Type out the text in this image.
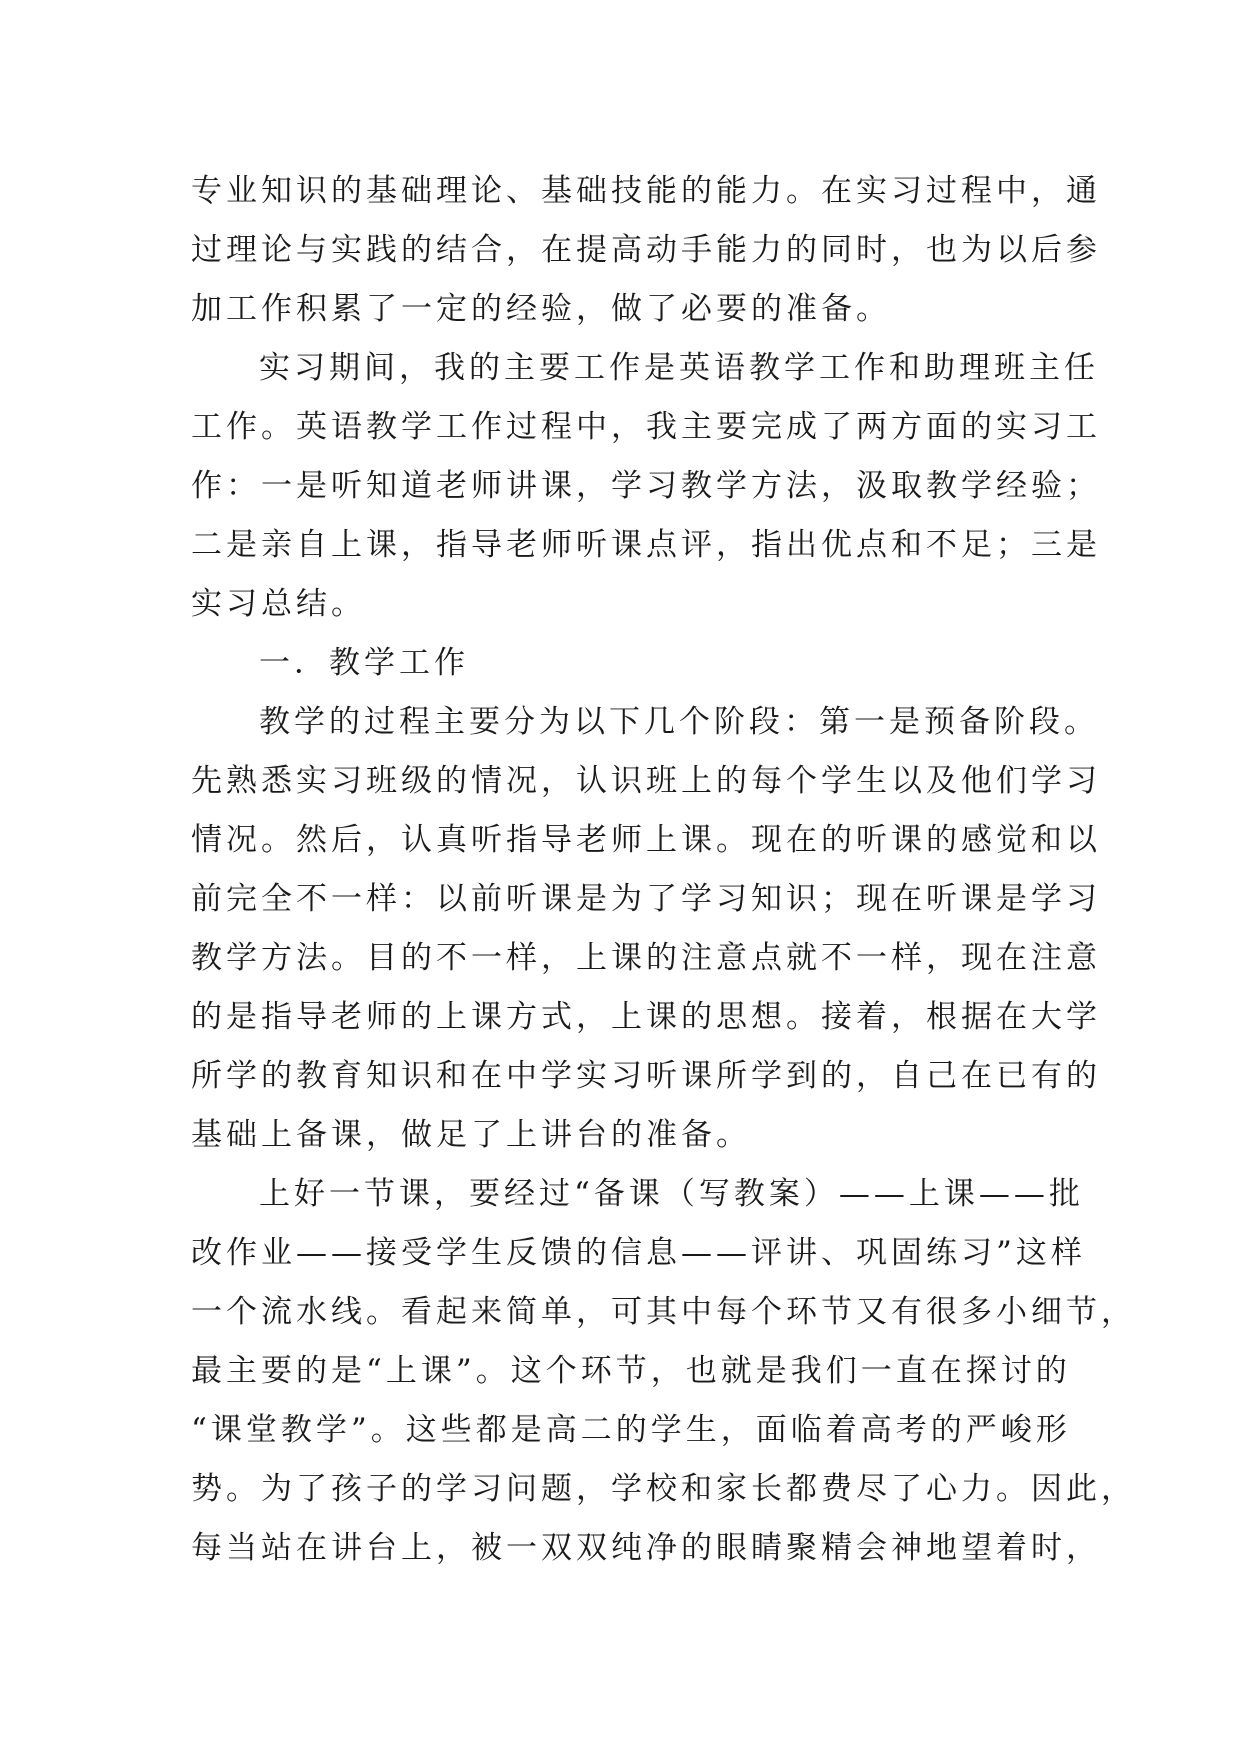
专业知识的基础理论、基础技能的能力。在实习过程中，通
过理论与实践的结合，在提高动手能力的同时，也为以后参
加工作积累了一定的经验，做了必要的准备。
实习期间，我的主要工作是英语教学工作和助理班主任
工作。英语教学工作过程中，我主要完成了两方面的实习工
作：一是听知道老师讲课，学习教学方法，汲取教学经验；
二是亲自上课，指导老师听课点评，指出优点和不足；三是
实习总结。
一．教学工作
教学的过程主要分为以下几个阶段：第一是预备阶段。
先熟悉实习班级的情况，认识班上的每个学生以及他们学习
情况。然后，认真听指导老师上课。现在的听课的感觉和以
前完全不一样：以前听课是为了学习知识；现在听课是学习
教学方法。目的不一样，上课的注意点就不一样，现在注意
的是指导老师的上课方式，上课的思想。接着，根据在大学
所学的教育知识和在中学实习听课所学到的，自己在已有的
基础上备课，做足了上讲台的准备。
上好一节课，要经过“备课（写教案）——上课——批
改作业——接受学生反馈的信息——评讲、巩固练习”这样
一个流水线。看起来简单，可其中每个环节又有很多小细节，
最主要的是“上课”。这个环节，也就是我们一直在探讨的
“课堂教学”。这些都是高二的学生，面临着高考的严峻形
势。为了孩子的学习问题，学校和家长都费尽了心力。因此，
每当站在讲台上，被一双双纯净的眼睛聚精会神地望着时，
